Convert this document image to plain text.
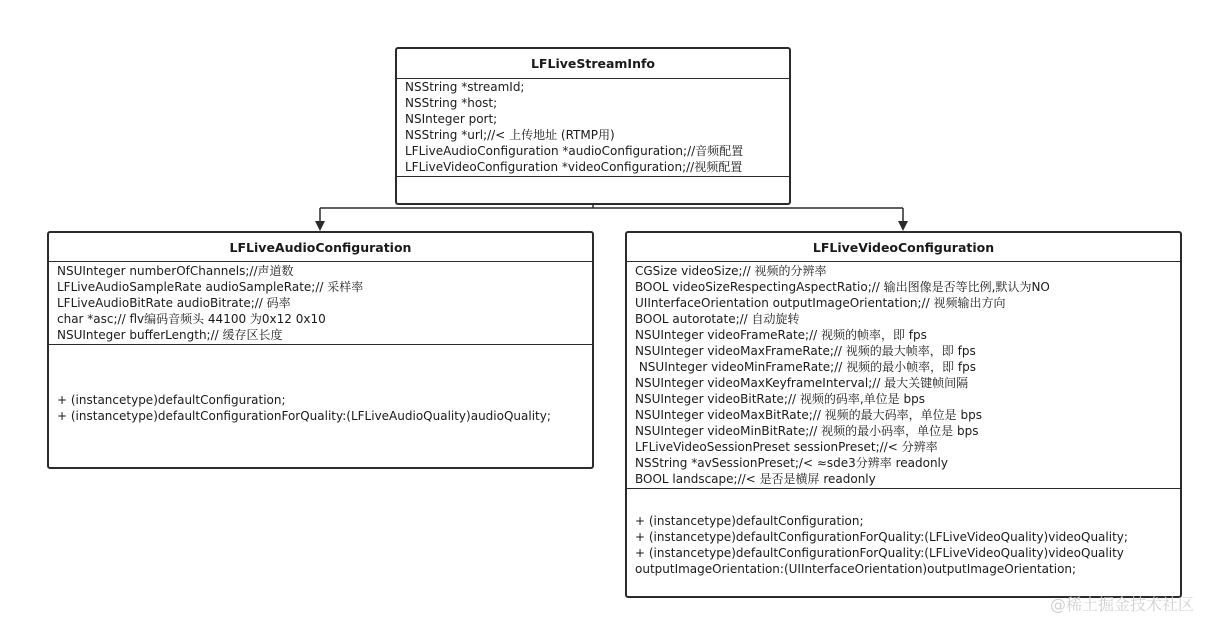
LFLiveStreamInfo
NSString *streamId;
NSString *host;
NSInteger port;
NSString *url;//< 上传地址 (RTMP用)
LFLiveAudioConfiguration *audioConfiguration;//音频配置
LFLiveVideoConfiguration *videoConfiguration;//视频配置
LFLiveAudioConfiguration
NSUInteger numberOfChannels;//声道数
LFLiveAudioSampleRate audioSampleRate;// 采样率
LFLiveAudioBitRate audioBitrate;// 码率
char *asc;// flv编码音频头 44100 为0x12 0x10
NSUInteger bufferLength;// 缓存区长度
+ (instancetype)defaultConfiguration;
+ (instancetype)defaultConfigurationForQuality:(LFLiveAudioQuality)audioQuality;
LFLiveVideoConfiguration
CGSize videoSize;// 视频的分辨率
BOOL videoSizeRespectingAspectRatio;// 输出图像是否等比例,默认为NO
UIInterfaceOrientation outputImageOrientation;// 视频输出方向
BOOL autorotate;// 自动旋转
NSUInteger videoFrameRate;// 视频的帧率，即 fps
NSUInteger videoMaxFrameRate;// 视频的最大帧率，即 fps
NSUInteger videoMinFrameRate;// 视频的最小帧率，即 fps
NSUInteger videoMaxKeyframeInterval;// 最大关键帧间隔
NSUInteger videoBitRate;// 视频的码率,单位是 bps
NSUInteger videoMaxBitRate;// 视频的最大码率，单位是 bps
NSUInteger videoMinBitRate;// 视频的最小码率，单位是 bps
LFLiveVideoSessionPreset sessionPreset;//< 分辨率
NSString *avSessionPreset;/< ≈sde3分辨率 readonly
BOOL landscape;//< 是否是横屏 readonly
+ (instancetype)defaultConfiguration;
+ (instancetype)defaultConfigurationForQuality:(LFLiveVideoQuality)videoQuality;
+ (instancetype)defaultConfigurationForQuality:(LFLiveVideoQuality)videoQuality
outputImageOrientation:(UIInterfaceOrientation)outputImageOrientation;
@稀土掘金技术社区
